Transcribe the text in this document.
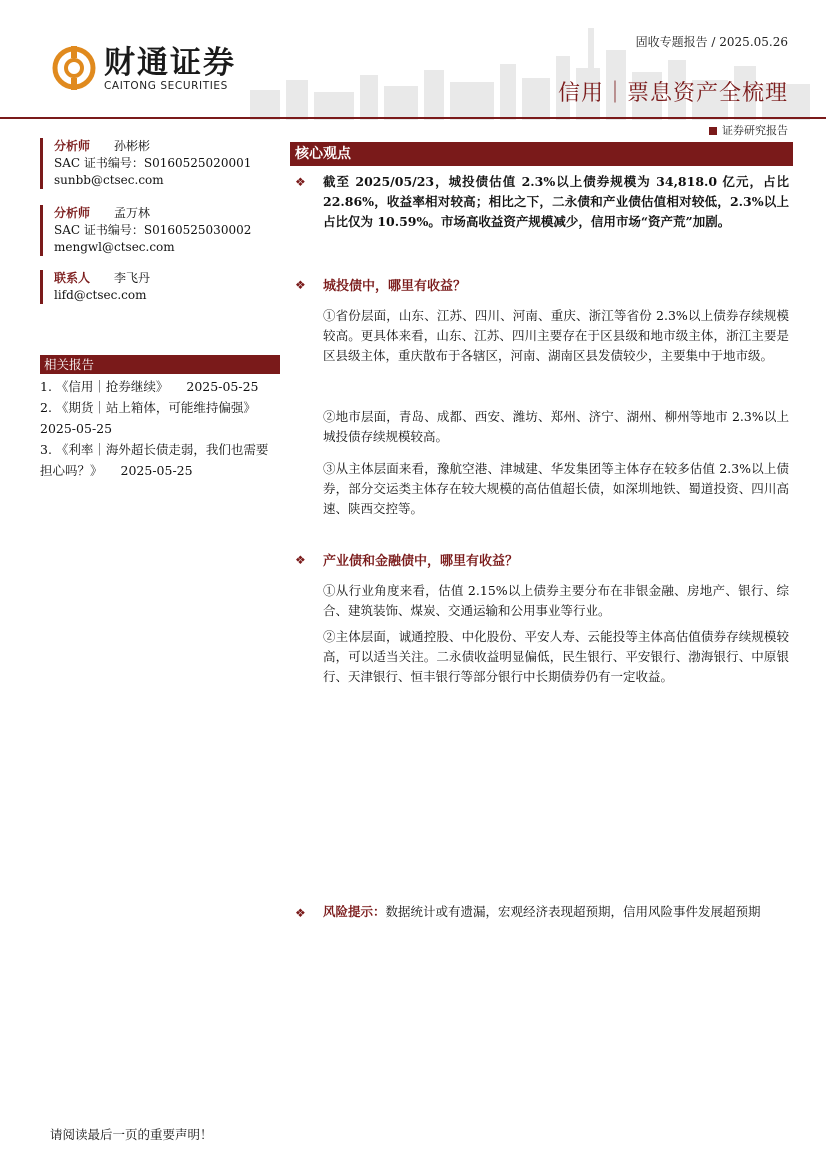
财通证券
CAITONG SECURITIES
固收专题报告 / 2025.05.26
信用｜票息资产全梳理
证券研究报告
分析师 孙彬彬
SAC 证书编号：S0160525020001
sunbb@ctsec.com
分析师 孟万林
SAC 证书编号：S0160525030002
mengwl@ctsec.com
联系人 李飞丹
lifd@ctsec.com
相关报告
1. 《信用｜抢券继续》 2025-05-25
2. 《期货｜站上箱体，可能维持偏强》
2025-05-25
3. 《利率｜海外超长债走弱，我们也需要担心吗？》 2025-05-25
核心观点
❖ 截至 2025/05/23，城投债估值 2.3%以上债券规模为 34,818.0 亿元，占比 22.86%，收益率相对较高；相比之下，二永债和产业债估值相对较低，2.3%以上占比仅为 10.59%。市场高收益资产规模减少，信用市场“资产荒”加剧。

❖ 城投债中，哪里有收益？

①省份层面，山东、江苏、四川、河南、重庆、浙江等省份 2.3%以上债券存续规模较高。更具体来看，山东、江苏、四川主要存在于区县级和地市级主体，浙江主要是区县级主体，重庆散布于各辖区，河南、湖南区县发债较少，主要集中于地市级。

②地市层面，青岛、成都、西安、潍坊、郑州、济宁、湖州、柳州等地市 2.3%以上城投债存续规模较高。

③从主体层面来看，豫航空港、津城建、华发集团等主体存在较多估值 2.3%以上债券，部分交运类主体存在较大规模的高估值超长债，如深圳地铁、蜀道投资、四川高速、陕西交控等。

❖ 产业债和金融债中，哪里有收益？

①从行业角度来看，估值 2.15%以上债券主要分布在非银金融、房地产、银行、综合、建筑装饰、煤炭、交通运输和公用事业等行业。

②主体层面，诚通控股、中化股份、平安人寿、云能投等主体高估值债券存续规模较高，可以适当关注。二永债收益明显偏低，民生银行、平安银行、渤海银行、中原银行、天津银行、恒丰银行等部分银行中长期债券仍有一定收益。

❖ 风险提示：数据统计或有遗漏，宏观经济表现超预期，信用风险事件发展超预期

请阅读最后一页的重要声明！
